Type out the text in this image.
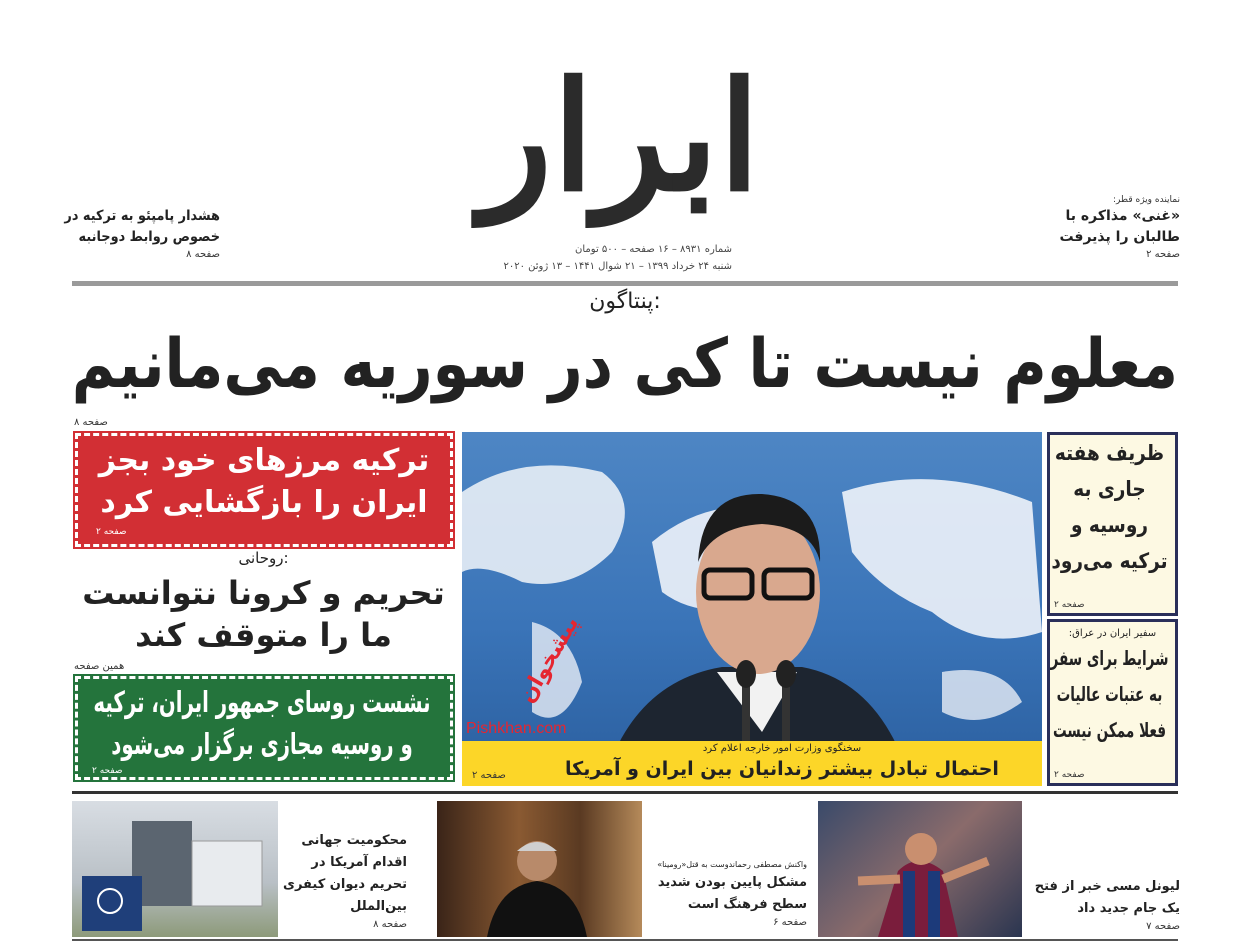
ابرار
شماره ۸۹۳۱ – ۱۶ صفحه – ۵۰۰ تومان
شنبه ۲۴ خرداد ۱۳۹۹ – ۲۱ شوال ۱۴۴۱ – ۱۳ ژوئن ۲۰۲۰
نماینده ویژه قطر:
«غنی» مذاکره با طالبان را پذیرفت
صفحه ۲
هشدار پامپئو به ترکیه در خصوص روابط دوجانبه
صفحه ۸
پنتاگون:
معلوم نیست تا کی در سوریه می‌مانیم
صفحه ۸
ترکیه مرزهای خود بجز ایران را بازگشایی کرد
صفحه ۲
روحانی:
تحریم و کرونا نتوانست ما را متوقف کند
همین صفحه
نشست روسای جمهور ایران، ترکیه و روسیه مجازی برگزار می‌شود
صفحه ۲
پیشخوان
Pishkhan.com
سخنگوی وزارت امور خارجه اعلام کرد
احتمال تبادل بیشتر زندانیان بین ایران و آمریکا
صفحه ۲
ظریف هفته جاری به روسیه و ترکیه می‌رود
صفحه ۲
سفیر ایران در عراق:
شرایط برای سفر به عتبات عالیات فعلا ممکن نیست
صفحه ۲
لیونل مسی خبر از فتح یک جام جدید داد
صفحه ۷
واکنش مصطفی رحماندوست به قتل«رومینا»
مشکل پایین بودن شدید سطح فرهنگ است
صفحه ۶
محکومیت جهانی اقدام آمریکا در تحریم دیوان کیفری بین‌الملل
صفحه ۸
